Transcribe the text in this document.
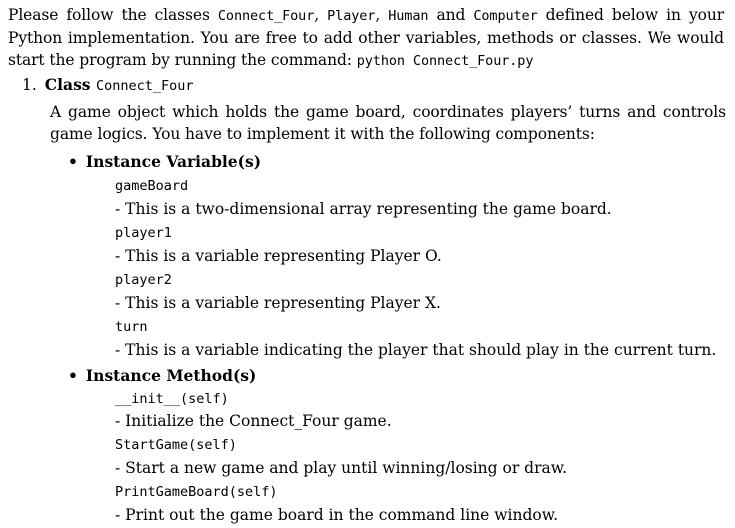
Please follow the classes Connect_Four, Player, Human and Computer defined below in your Python implementation. You are free to add other variables, methods or classes. We would start the program by running the command: python Connect_Four.py

1. Class Connect_Four
A game object which holds the game board, coordinates players’ turns and controls game logics. You have to implement it with the following components:
• Instance Variable(s)
gameBoard
- This is a two-dimensional array representing the game board.
player1
- This is a variable representing Player O.
player2
- This is a variable representing Player X.
turn
- This is a variable indicating the player that should play in the current turn.
• Instance Method(s)
__init__(self)
- Initialize the Connect_Four game.
StartGame(self)
- Start a new game and play until winning/losing or draw.
PrintGameBoard(self)
- Print out the game board in the command line window.
